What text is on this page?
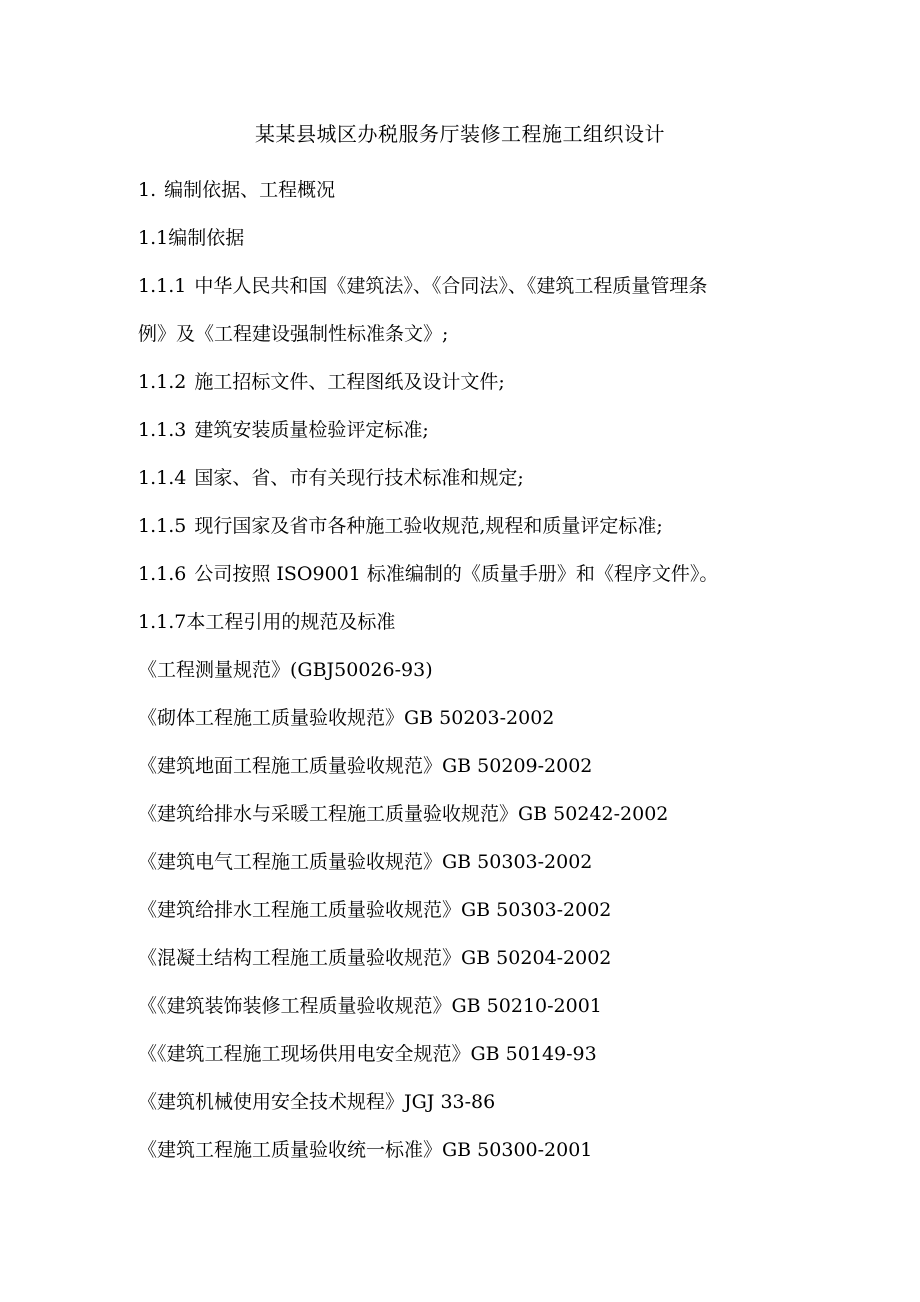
某某县城区办税服务厅装修工程施工组织设计
1. 编制依据、工程概况
1.1编制依据
1.1.1 中华人民共和国《建筑法》、《合同法》、《建筑工程质量管理条
例》及《工程建设强制性标准条文》;
1.1.2 施工招标文件、工程图纸及设计文件;
1.1.3 建筑安装质量检验评定标准;
1.1.4 国家、省、市有关现行技术标准和规定;
1.1.5 现行国家及省市各种施工验收规范,规程和质量评定标准;
1.1.6 公司按照 ISO9001 标准编制的《质量手册》和《程序文件》。
1.1.7本工程引用的规范及标准
《工程测量规范》(GBJ50026-93)
《砌体工程施工质量验收规范》GB 50203-2002
《建筑地面工程施工质量验收规范》GB 50209-2002
《建筑给排水与采暖工程施工质量验收规范》GB 50242-2002
《建筑电气工程施工质量验收规范》GB 50303-2002
《建筑给排水工程施工质量验收规范》GB 50303-2002
《混凝土结构工程施工质量验收规范》GB 50204-2002
《《建筑装饰装修工程质量验收规范》GB 50210-2001
《《建筑工程施工现场供用电安全规范》GB 50149-93
《建筑机械使用安全技术规程》JGJ 33-86
《建筑工程施工质量验收统一标准》GB 50300-2001
